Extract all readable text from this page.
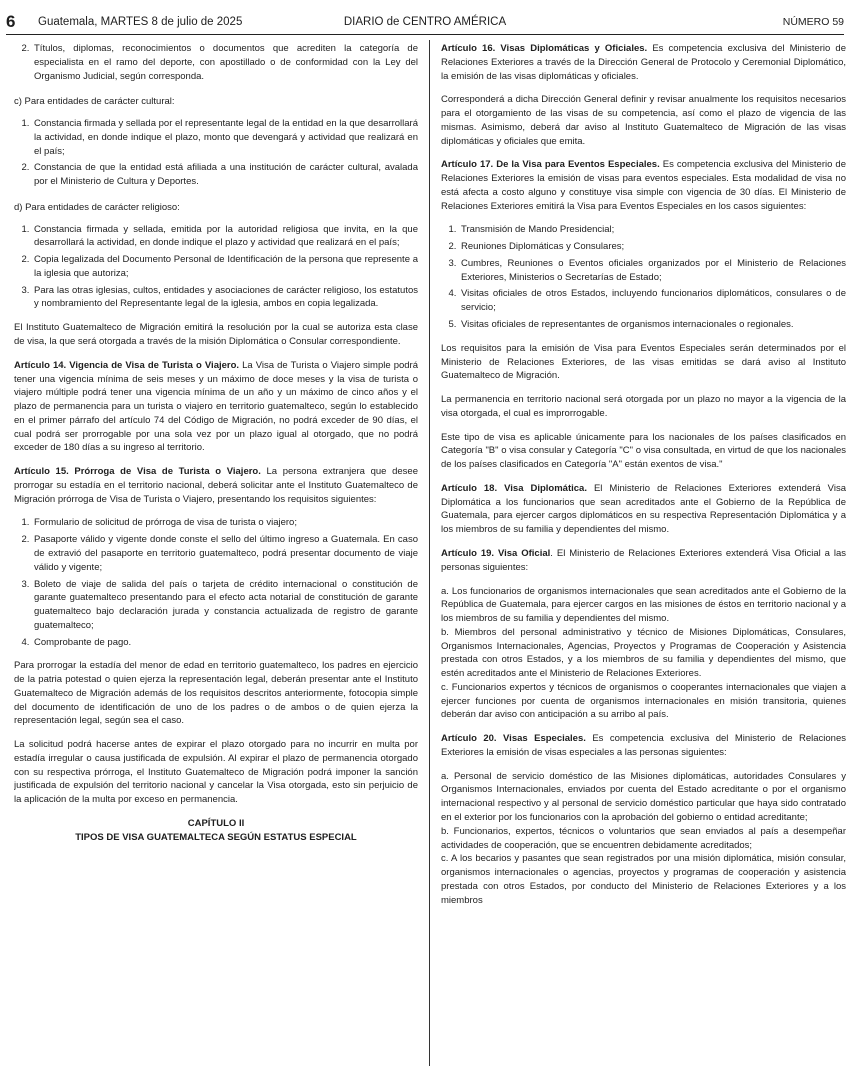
6 Guatemala, MARTES 8 de julio de 2025	DIARIO de CENTRO AMÉRICA	NÚMERO 59
2. Títulos, diplomas, reconocimientos o documentos que acrediten la categoría de especialista en el ramo del deporte, con apostillado o de conformidad con la Ley del Organismo Judicial, según corresponda.

c) Para entidades de carácter cultural:

1. Constancia firmada y sellada por el representante legal de la entidad en la que desarrollará la actividad, en donde indique el plazo, monto que devengará y actividad que realizará en el país;
2. Constancia de que la entidad está afiliada a una institución de carácter cultural, avalada por el Ministerio de Cultura y Deportes.

d) Para entidades de carácter religioso:

1. Constancia firmada y sellada, emitida por la autoridad religiosa que invita, en la que desarrollará la actividad, en donde indique el plazo y actividad que realizará en el país;
2. Copia legalizada del Documento Personal de Identificación de la persona que represente a la iglesia que autoriza;
3. Para las otras iglesias, cultos, entidades y asociaciones de carácter religioso, los estatutos y nombramiento del Representante legal de la iglesia, ambos en copia legalizada.

El Instituto Guatemalteco de Migración emitirá la resolución por la cual se autoriza esta clase de visa, la que será otorgada a través de la misión Diplomática o Consular correspondiente.

Artículo 14. Vigencia de Visa de Turista o Viajero. La Visa de Turista o Viajero simple podrá tener una vigencia mínima de seis meses y un máximo de doce meses y la visa de turista o viajero múltiple podrá tener una vigencia mínima de un año y un máximo de cinco años y el plazo de permanencia para un turista o viajero en territorio guatemalteco, según lo establecido en el primer párrafo del artículo 74 del Código de Migración, no podrá exceder de 90 días, el cual podrá ser prorrogable por una sola vez por un plazo igual al otorgado, que no podrá exceder de 180 días a su ingreso al territorio.

Artículo 15. Prórroga de Visa de Turista o Viajero. La persona extranjera que desee prorrogar su estadía en el territorio nacional, deberá solicitar ante el Instituto Guatemalteco de Migración prórroga de Visa de Turista o Viajero, presentando los requisitos siguientes:

1. Formulario de solicitud de prórroga de visa de turista o viajero;
2. Pasaporte válido y vigente donde conste el sello del último ingreso a Guatemala. En caso de extravió del pasaporte en territorio guatemalteco, podrá presentar documento de viaje válido y vigente;
3. Boleto de viaje de salida del país o tarjeta de crédito internacional o constitución de garante guatemalteco presentando para el efecto acta notarial de constitución de garante guatemalteco bajo declaración jurada y constancia actualizada de registro de garante guatemalteco;
4. Comprobante de pago.

Para prorrogar la estadía del menor de edad en territorio guatemalteco, los padres en ejercicio de la patria potestad o quien ejerza la representación legal, deberán presentar ante el Instituto Guatemalteco de Migración además de los requisitos descritos anteriormente, fotocopia simple del documento de identificación de uno de los padres o de ambos o de quien ejerza la representación legal, según sea el caso.

La solicitud podrá hacerse antes de expirar el plazo otorgado para no incurrir en multa por estadía irregular o causa justificada de expulsión. Al expirar el plazo de permanencia otorgado con su respectiva prórroga, el Instituto Guatemalteco de Migración podrá imponer la sanción justificada de expulsión del territorio nacional y cancelar la Visa otorgada, esto sin perjuicio de la aplicación de la multa por exceso en permanencia.

CAPÍTULO II
TIPOS DE VISA GUATEMALTECA SEGÚN ESTATUS ESPECIAL

Artículo 16. Visas Diplomáticas y Oficiales. Es competencia exclusiva del Ministerio de Relaciones Exteriores a través de la Dirección General de Protocolo y Ceremonial Diplomático, la emisión de las visas diplomáticas y oficiales.

Corresponderá a dicha Dirección General definir y revisar anualmente los requisitos necesarios para el otorgamiento de las visas de su competencia, así como el plazo de vigencia de las mismas. Asimismo, deberá dar aviso al Instituto Guatemalteco de Migración de las visas diplomáticas y oficiales que emita.

Artículo 17. De la Visa para Eventos Especiales. Es competencia exclusiva del Ministerio de Relaciones Exteriores la emisión de visas para eventos especiales. Esta modalidad de visa no está afecta a costo alguno y constituye visa simple con vigencia de 30 días. El Ministerio de Relaciones Exteriores emitirá la Visa para Eventos Especiales en los casos siguientes:

1. Transmisión de Mando Presidencial;
2. Reuniones Diplomáticas y Consulares;
3. Cumbres, Reuniones o Eventos oficiales organizados por el Ministerio de Relaciones Exteriores, Ministerios o Secretarías de Estado;
4. Visitas oficiales de otros Estados, incluyendo funcionarios diplomáticos, consulares o de servicio;
5. Visitas oficiales de representantes de organismos internacionales o regionales.

Los requisitos para la emisión de Visa para Eventos Especiales serán determinados por el Ministerio de Relaciones Exteriores, de las visas emitidas se dará aviso al Instituto Guatemalteco de Migración.

La permanencia en territorio nacional será otorgada por un plazo no mayor a la vigencia de la visa otorgada, el cual es improrrogable.

Este tipo de visa es aplicable únicamente para los nacionales de los países clasificados en Categoría "B" o visa consular y Categoría "C" o visa consultada, en virtud de que los nacionales de los países clasificados en Categoría "A" están exentos de visa."

Artículo 18. Visa Diplomática. El Ministerio de Relaciones Exteriores extenderá Visa Diplomática a los funcionarios que sean acreditados ante el Gobierno de la República de Guatemala, para ejercer cargos diplomáticos en su respectiva Representación Diplomática y a los miembros de su familia y dependientes del mismo.

Artículo 19. Visa Oficial. El Ministerio de Relaciones Exteriores extenderá Visa Oficial a las personas siguientes:

a. Los funcionarios de organismos internacionales que sean acreditados ante el Gobierno de la República de Guatemala, para ejercer cargos en las misiones de éstos en territorio nacional y a los miembros de su familia y dependientes del mismo.
b. Miembros del personal administrativo y técnico de Misiones Diplomáticas, Consulares, Organismos Internacionales, Agencias, Proyectos y Programas de Cooperación y Asistencia prestada con otros Estados, y a los miembros de su familia y dependientes del mismo, que estén acreditados ante el Ministerio de Relaciones Exteriores.
c. Funcionarios expertos y técnicos de organismos o cooperantes internacionales que viajen a ejercer funciones por cuenta de organismos internacionales en misión transitoria, quienes deberán dar aviso con anticipación a su arribo al país.

Artículo 20. Visas Especiales. Es competencia exclusiva del Ministerio de Relaciones Exteriores la emisión de visas especiales a las personas siguientes:

a. Personal de servicio doméstico de las Misiones diplomáticas, autoridades Consulares y Organismos Internacionales, enviados por cuenta del Estado acreditante o por el organismo internacional respectivo y al personal de servicio doméstico particular que haya sido contratado en el exterior por los funcionarios con la aprobación del gobierno o entidad acreditante;
b. Funcionarios, expertos, técnicos o voluntarios que sean enviados al país a desempeñar actividades de cooperación, que se encuentren debidamente acreditados;
c. A los becarios y pasantes que sean registrados por una misión diplomática, misión consular, organismos internacionales o agencias, proyectos y programas de cooperación y asistencia prestada con otros Estados, por conducto del Ministerio de Relaciones Exteriores y a los miembros
